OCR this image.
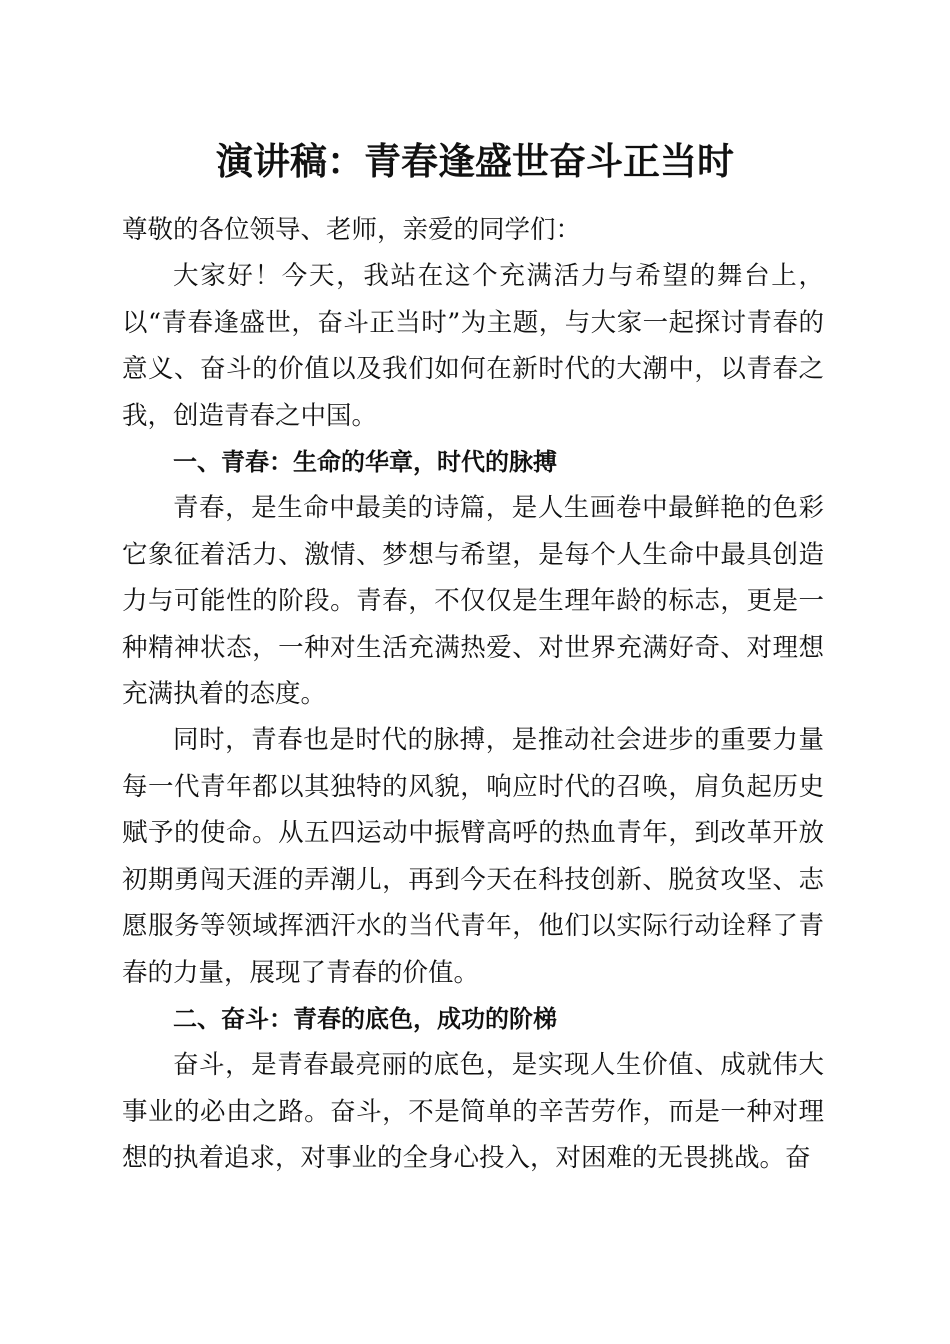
演讲稿：青春逢盛世奋斗正当时

尊敬的各位领导、老师，亲爱的同学们：

大家好！今天，我站在这个充满活力与希望的舞台上，以“青春逢盛世，奋斗正当时”为主题，与大家一起探讨青春的意义、奋斗的价值以及我们如何在新时代的大潮中，以青春之我，创造青春之中国。

一、青春：生命的华章，时代的脉搏

青春，是生命中最美的诗篇，是人生画卷中最鲜艳的色彩它象征着活力、激情、梦想与希望，是每个人生命中最具创造力与可能性的阶段。青春，不仅仅是生理年龄的标志，更是一种精神状态，一种对生活充满热爱、对世界充满好奇、对理想充满执着的态度。

同时，青春也是时代的脉搏，是推动社会进步的重要力量每一代青年都以其独特的风貌，响应时代的召唤，肩负起历史赋予的使命。从五四运动中振臂高呼的热血青年，到改革开放初期勇闯天涯的弄潮儿，再到今天在科技创新、脱贫攻坚、志愿服务等领域挥洒汗水的当代青年，他们以实际行动诠释了青春的力量，展现了青春的价值。

二、奋斗：青春的底色，成功的阶梯

奋斗，是青春最亮丽的底色，是实现人生价值、成就伟大事业的必由之路。奋斗，不是简单的辛苦劳作，而是一种对理想的执着追求，对事业的全身心投入，对困难的无畏挑战。奋
